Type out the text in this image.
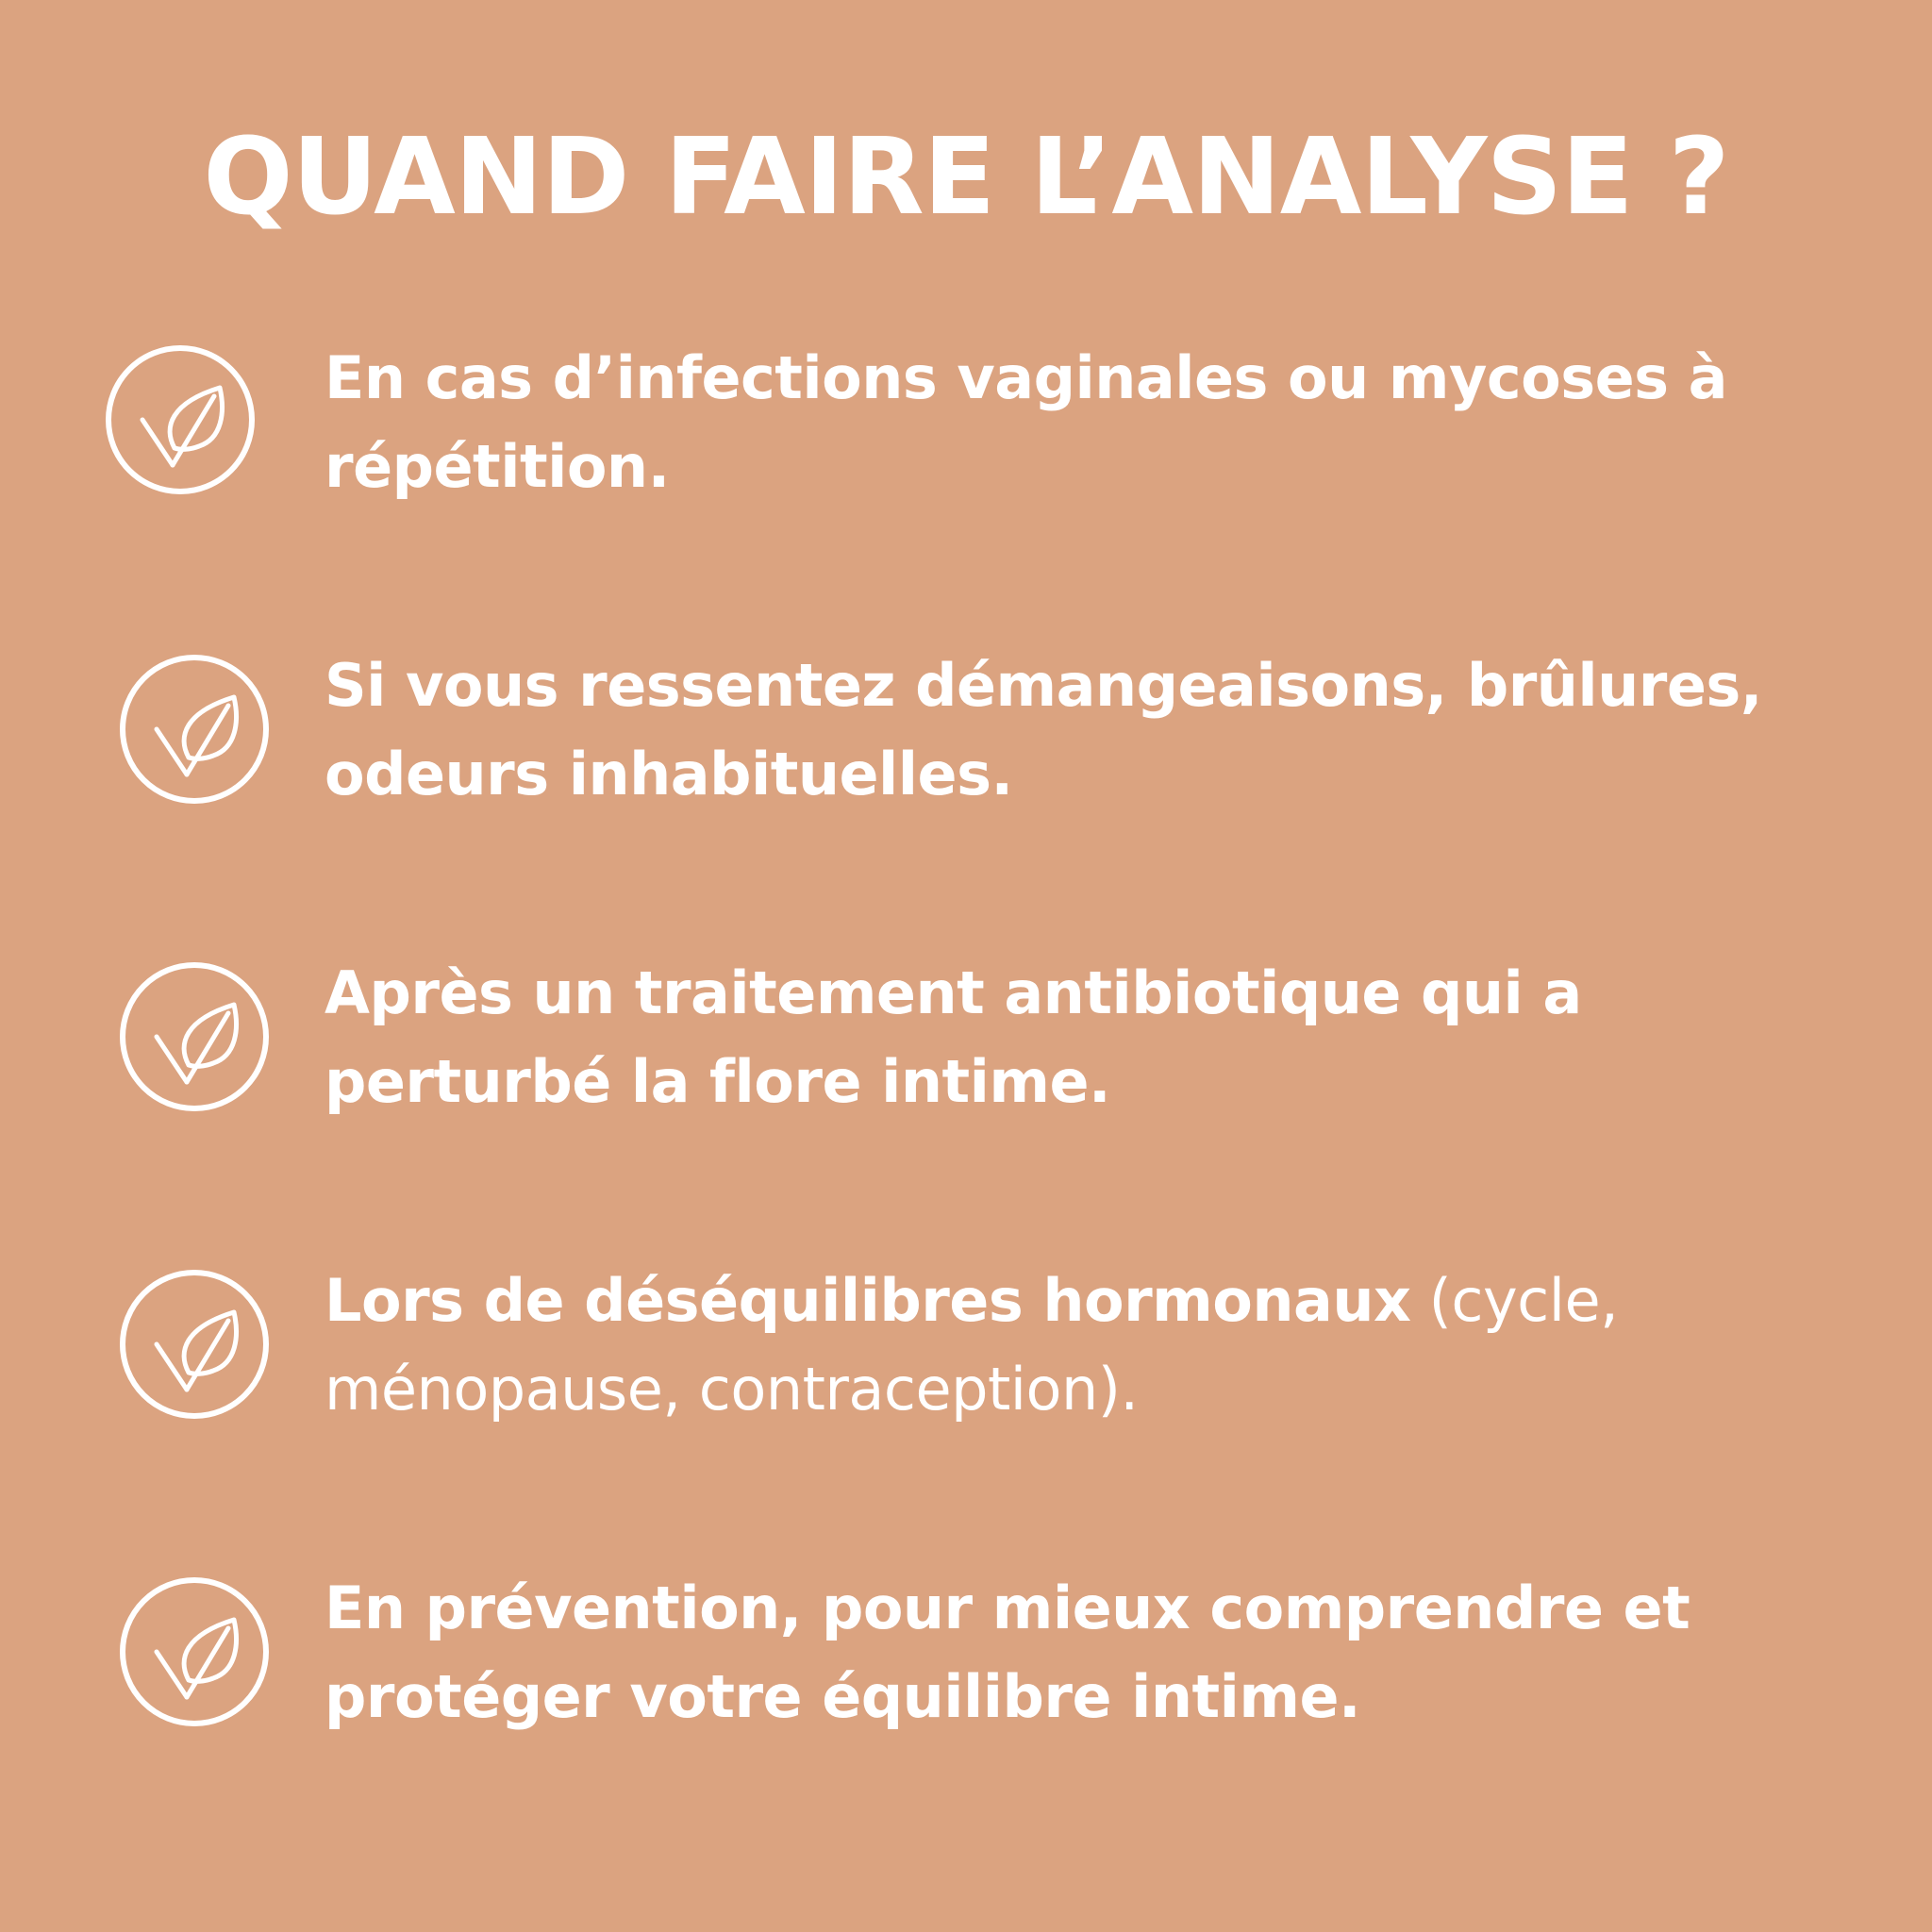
QUAND FAIRE L’ANALYSE ?
En cas d’infections vaginales ou mycoses à
répétition.
Si vous ressentez démangeaisons, brûlures,
odeurs inhabituelles.
Après un traitement antibiotique qui a
perturbé la flore intime.
Lors de déséquilibres hormonaux (cycle,
ménopause, contraception).
En prévention, pour mieux comprendre et
protéger votre équilibre intime.
